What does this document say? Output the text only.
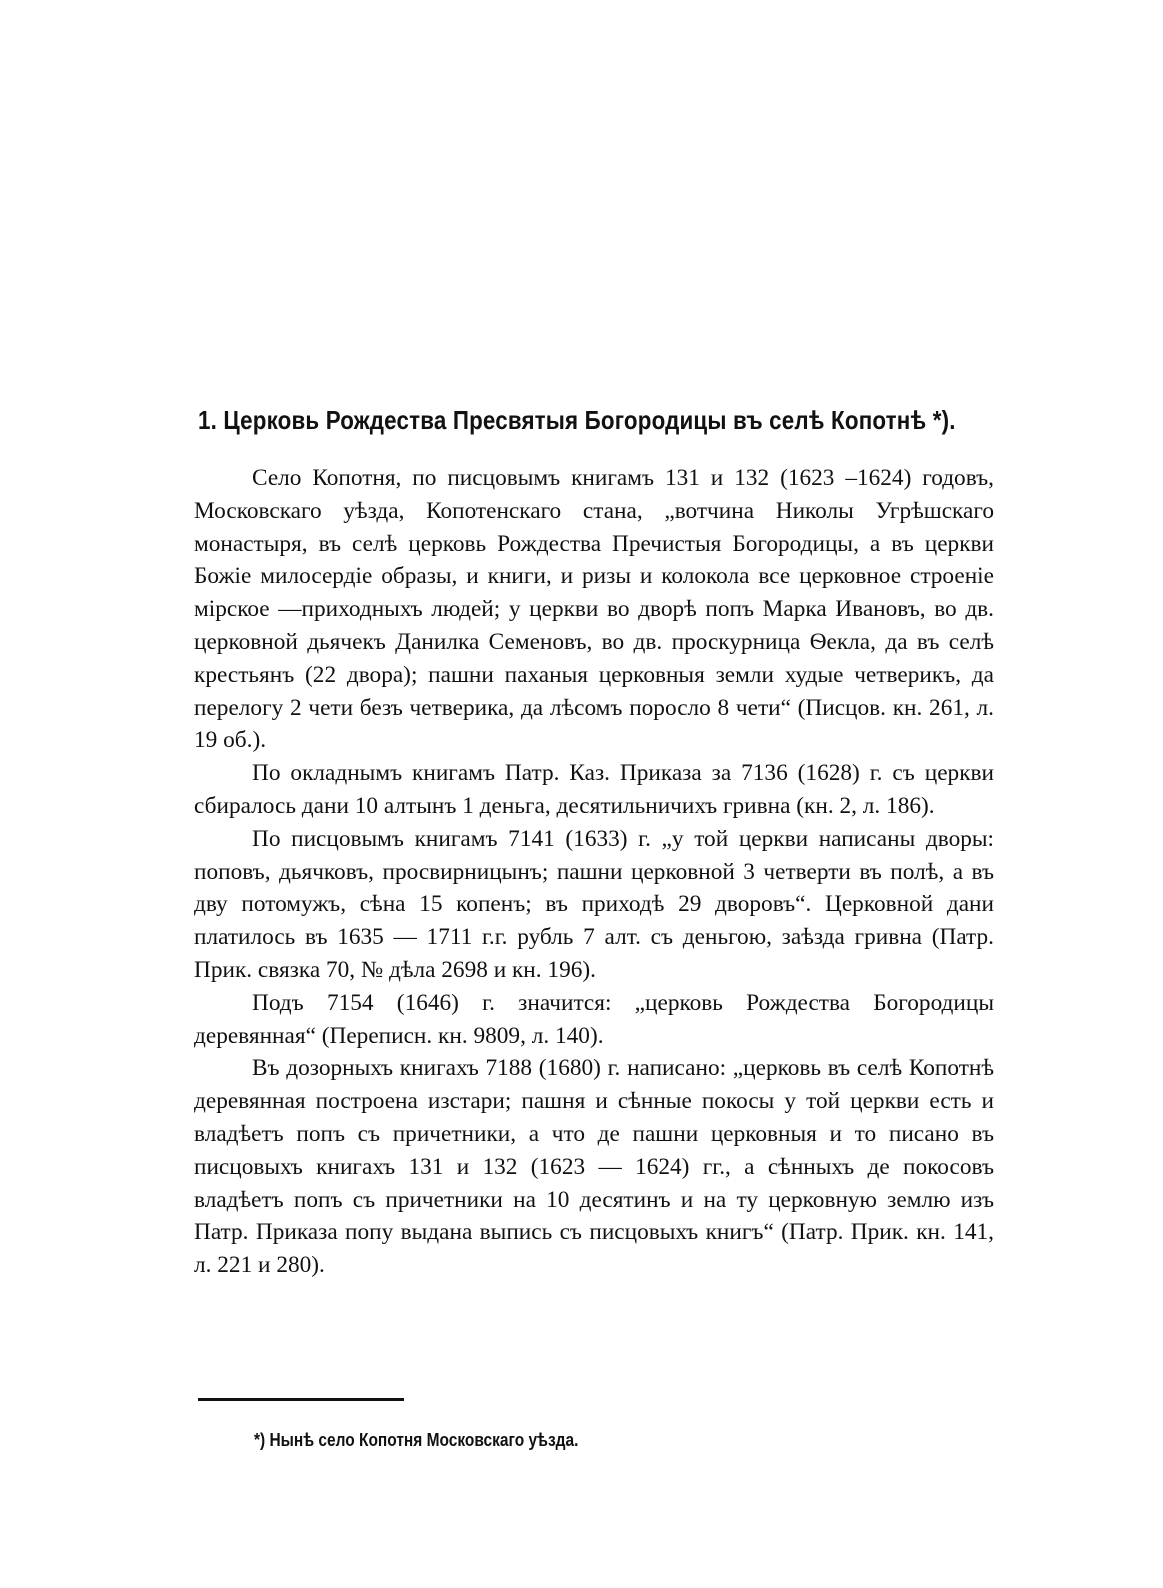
1. Церковь Рождества Пресвятыя Богородицы въ селѣ Копотнѣ *).

Село Копотня, по писцовымъ книгамъ 131 и 132 (1623 –1624) годовъ, Московскаго уѣзда, Копотенскаго стана, „вотчина Николы Угрѣшскаго монастыря, въ селѣ церковь Рождества Пречистыя Богородицы, а въ церкви Божіе милосердіе образы, и книги, и ризы и колокола все церковное строеніе мірское —приходныхъ людей; у церкви во дворѣ попъ Марка Ивановъ, во дв. церковной дьячекъ Данилка Семеновъ, во дв. проскурница Ѳекла, да въ селѣ крестьянъ (22 двора); пашни паханыя церковныя земли худые четверикъ, да перелогу 2 чети безъ четверика, да лѣсомъ поросло 8 чети“ (Писцов. кн. 261, л. 19 об.).

По окладнымъ книгамъ Патр. Каз. Приказа за 7136 (1628) г. съ церкви сбиралось дани 10 алтынъ 1 деньга, десятильничихъ гривна (кн. 2, л. 186).

По писцовымъ книгамъ 7141 (1633) г. „у той церкви написаны дворы: поповъ, дьячковъ, просвирницынъ; пашни церковной 3 четверти въ полѣ, а въ дву потомужъ, сѣна 15 копенъ; въ приходѣ 29 дворовъ“. Церковной дани платилось въ 1635 — 1711 г.г. рубль 7 алт. съ деньгою, заѣзда гривна (Патр. Прик. связка 70, № дѣла 2698 и кн. 196).

Подъ 7154 (1646) г. значится: „церковь Рождества Богородицы деревянная“ (Переписн. кн. 9809, л. 140).

Въ дозорныхъ книгахъ 7188 (1680) г. написано: „церковь въ селѣ Копотнѣ деревянная построена изстари; пашня и сѣнные покосы у той церкви есть и владѣетъ попъ съ причетники, а что де пашни церковныя и то писано въ писцовыхъ книгахъ 131 и 132 (1623 — 1624) гг., а сѣнныхъ де покосовъ владѣетъ попъ съ причетники на 10 десятинъ и на ту церковную землю изъ Патр. Приказа попу выдана выпись съ писцовыхъ книгъ“ (Патр. Прик. кн. 141, л. 221 и 280).

*) Нынѣ село Копотня Московскаго уѣзда.
